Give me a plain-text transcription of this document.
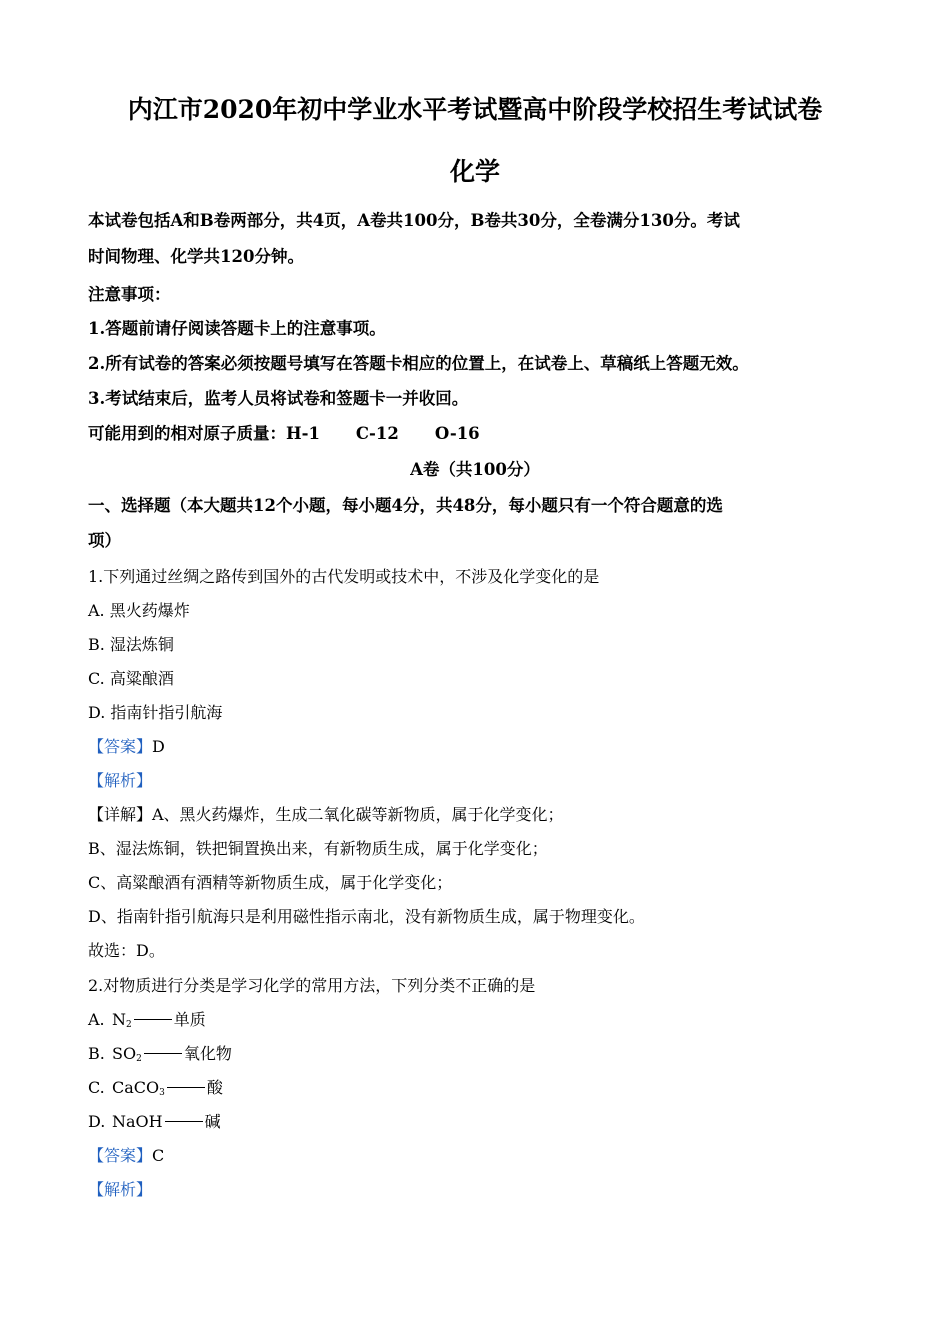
内江市2020年初中学业水平考试暨高中阶段学校招生考试试卷
化学
本试卷包括A和B卷两部分，共4页，A卷共100分，B卷共30分，全卷满分130分。考试
时间物理、化学共120分钟。
注意事项：
1.答题前请仔阅读答题卡上的注意事项。
2.所有试卷的答案必须按题号填写在答题卡相应的位置上，在试卷上、草稿纸上答题无效。
3.考试结束后，监考人员将试卷和签题卡一并收回。
可能用到的相对原子质量：H-1 C-12 O-16
A卷（共100分）
一、选择题（本大题共12个小题，每小题4分，共48分，每小题只有一个符合题意的选
项）
1.下列通过丝绸之路传到国外的古代发明或技术中，不涉及化学变化的是
A. 黑火药爆炸
B. 湿法炼铜
C. 高粱酿酒
D. 指南针指引航海
【答案】D
【解析】
【详解】A、黑火药爆炸，生成二氧化碳等新物质，属于化学变化；
B、湿法炼铜，铁把铜置换出来，有新物质生成，属于化学变化；
C、高粱酿酒有酒精等新物质生成，属于化学变化；
D、指南针指引航海只是利用磁性指示南北，没有新物质生成，属于物理变化。
故选：D。
2.对物质进行分类是学习化学的常用方法，下列分类不正确的是
A. $N_2$	单质
B. $SO_2$	氧化物
C. CaCO$_3$	酸
D. NaOH	碱
【答案】C
【解析】
